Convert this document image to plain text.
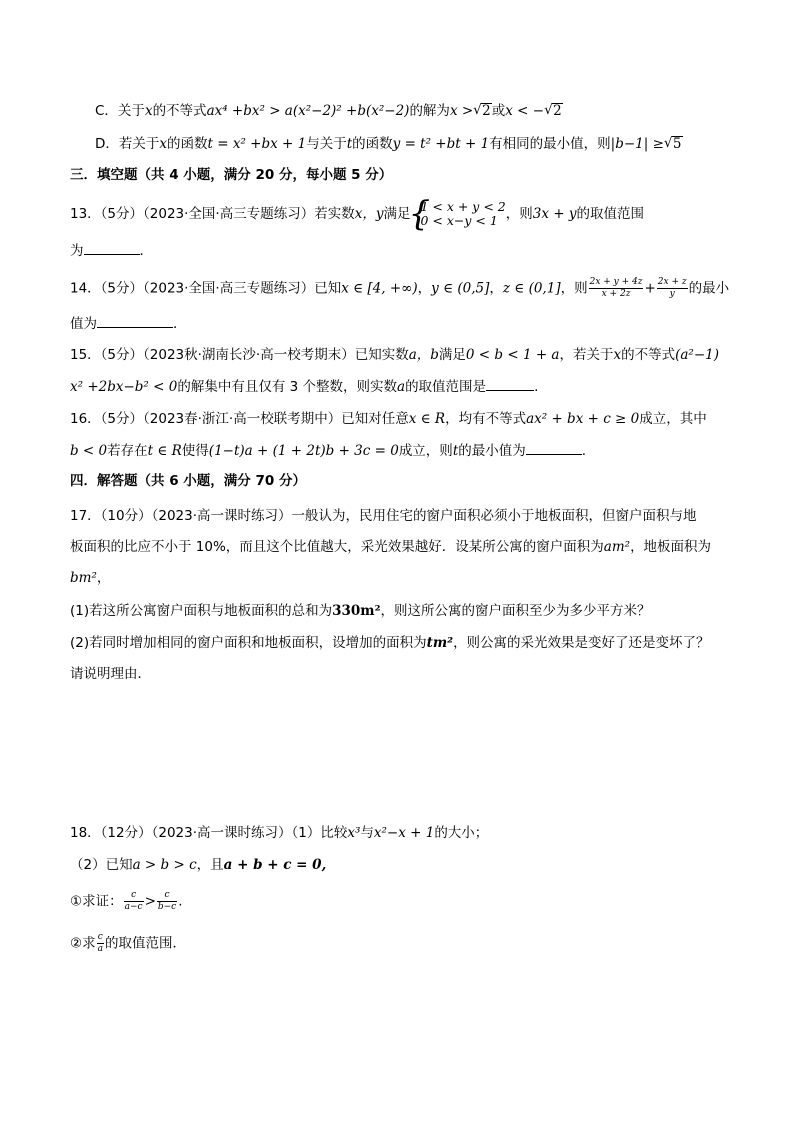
C．关于x的不等式ax⁴ +bx² > a(x²−2)² +b(x²−2)的解为x > √ 2或x < − √ 2
D．若关于x的函数t = x² +bx + 1与关于t的函数y = t² +bt + 1有相同的最小值，则|b−1| ≥ √ 5
三．填空题（共 4 小题，满分 20 分，每小题 5 分）
13．（5分）（2023·全国·高三专题练习）若实数x，y满足
{
1 < x + y < 2
0 < x−y < 1 ，则3x + y的取值范围
为	．
14．（5分）（2023·全国·高三专题练习）已知x ∈ [4, +∞)，y ∈ (0,5]，z ∈ (0,1]，则 $\frac{2x + y + 4z}{x + 2z} + \frac{2x + z}{y}$ 的最小
值为	．
15．（5分）（2023秋·湖南长沙·高一校考期末）已知实数a，b满足0 < b < 1 + a，若关于x的不等式(a²−1)
x² +2bx−b² < 0的解集中有且仅有 3 个整数，则实数a的取值范围是	.
16．（5分）（2023春·浙江·高一校联考期中）已知对任意x ∈ R，均有不等式ax² + bx + c ≥ 0成立，其中
b < 0若存在t ∈ R使得(1−t)a + (1 + 2t)b + 3c = 0成立，则t的最小值为	.
四．解答题（共 6 小题，满分 70 分）
17．（10分）（2023·高一课时练习）一般认为，民用住宅的窗户面积必须小于地板面积，但窗户面积与地
板面积的比应不小于 10%，而且这个比值越大，采光效果越好．设某所公寓的窗户面积为am²，地板面积为
bm²，
(1)若这所公寓窗户面积与地板面积的总和为330m²，则这所公寓的窗户面积至少为多少平方米？
(2)若同时增加相同的窗户面积和地板面积，设增加的面积为tm²，则公寓的采光效果是变好了还是变坏了？
请说明理由．
18．（12分）（2023·高一课时练习）（1）比较x³与x²−x + 1的大小；
（2）已知a > b > c，且a + b + c = 0,
①求证： $\frac{c}{a-c} > \frac{c}{b-c}$ .
②求 $\frac{c}{a}$ 的取值范围．
